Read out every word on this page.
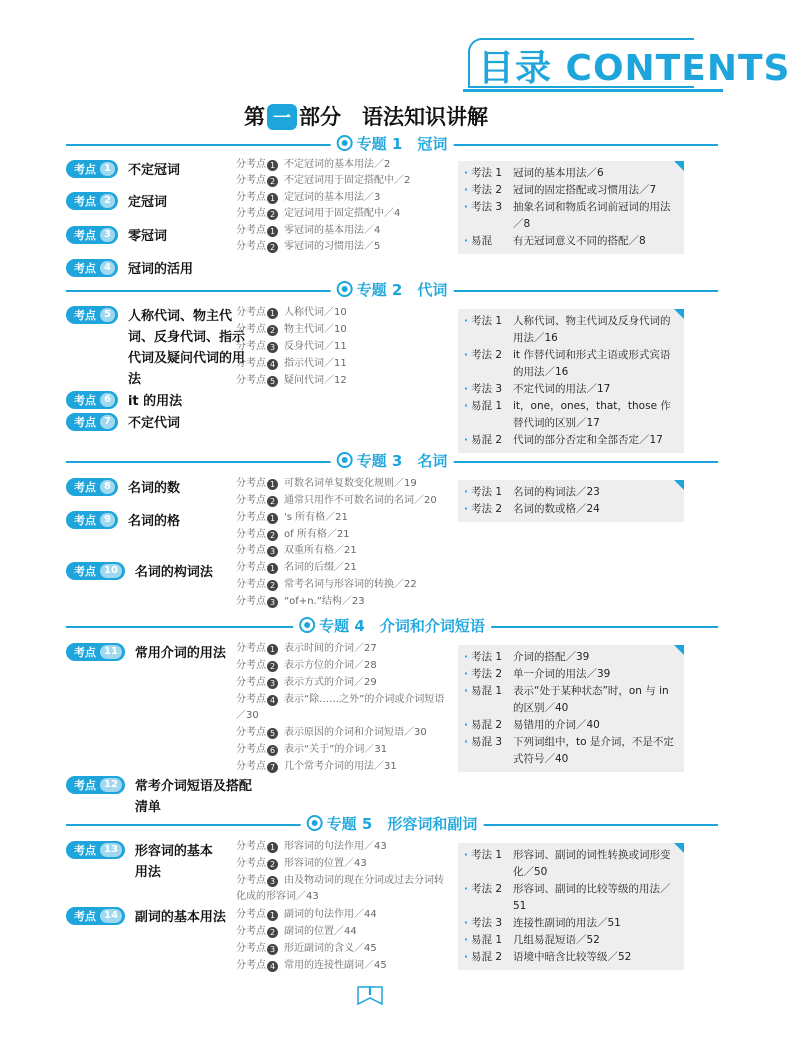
目录 CONTENTS
第 一 部分　语法知识讲解
专题 1　冠词
考点 1	不定冠词
考点 2	定冠词
考点 3	零冠词
考点 4	冠词的活用
分考点 1 不定冠词的基本用法／2
分考点 2 不定冠词用于固定搭配中／2
分考点 1 定冠词的基本用法／3
分考点 2 定冠词用于固定搭配中／4
分考点 1 零冠词的基本用法／4
分考点 2 零冠词的习惯用法／5
· 考法 1	冠词的基本用法／6
· 考法 2	冠词的固定搭配或习惯用法／7
· 考法 3	抽象名词和物质名词前冠词的用法／8
· 易混	有无冠词意义不同的搭配／8
专题 2　代词
考点 5	人称代词、物主代词、反身代词、指示代词及疑问代词的用法
考点 6	it 的用法
考点 7	不定代词
分考点 1 人称代词／10
分考点 2 物主代词／10
分考点 3 反身代词／11
分考点 4 指示代词／11
分考点 5 疑问代词／12
· 考法 1	人称代词、物主代词及反身代词的用法／16
· 考法 2	it 作替代词和形式主语或形式宾语的用法／16
· 考法 3	不定代词的用法／17
· 易混 1	it，one，ones，that，those 作替代词的区别／17
· 易混 2	代词的部分否定和全部否定／17
专题 3　名词
考点 8	名词的数
考点 9	名词的格
考点 10	名词的构词法
分考点 1 可数名词单复数变化规则／19
分考点 2 通常只用作不可数名词的名词／20
分考点 1 's 所有格／21
分考点 2 of 所有格／21
分考点 3 双重所有格／21
分考点 1 名词的后缀／21
分考点 2 常考名词与形容词的转换／22
分考点 3 “of+n.”结构／23
· 考法 1	名词的构词法／23
· 考法 2	名词的数或格／24
专题 4　介词和介词短语
考点 11	常用介词的用法
考点 12	常考介词短语及搭配清单
分考点 1 表示时间的介词／27
分考点 2 表示方位的介词／28
分考点 3 表示方式的介词／29
分考点 4 表示“除……之外”的介词或介词短语／30
分考点 5 表示原因的介词和介词短语／30
分考点 6 表示“关于”的介词／31
分考点 7 几个常考介词的用法／31
· 考法 1	介词的搭配／39
· 考法 2	单一介词的用法／39
· 易混 1	表示“处于某种状态”时，on 与 in 的区别／40
· 易混 2	易错用的介词／40
· 易混 3	下列词组中，to 是介词，不是不定式符号／40
专题 5　形容词和副词
考点 13	形容词的基本用法
考点 14	副词的基本用法
分考点 1 形容词的句法作用／43
分考点 2 形容词的位置／43
分考点 3 由及物动词的现在分词或过去分词转化成的形容词／43
分考点 1 副词的句法作用／44
分考点 2 副词的位置／44
分考点 3 形近副词的含义／45
分考点 4 常用的连接性副词／45
· 考法 1	形容词、副词的词性转换或词形变化／50
· 考法 2	形容词、副词的比较等级的用法／51
· 考法 3	连接性副词的用法／51
· 易混 1	几组易混短语／52
· 易混 2	语境中暗含比较等级／52
Ⅰ
